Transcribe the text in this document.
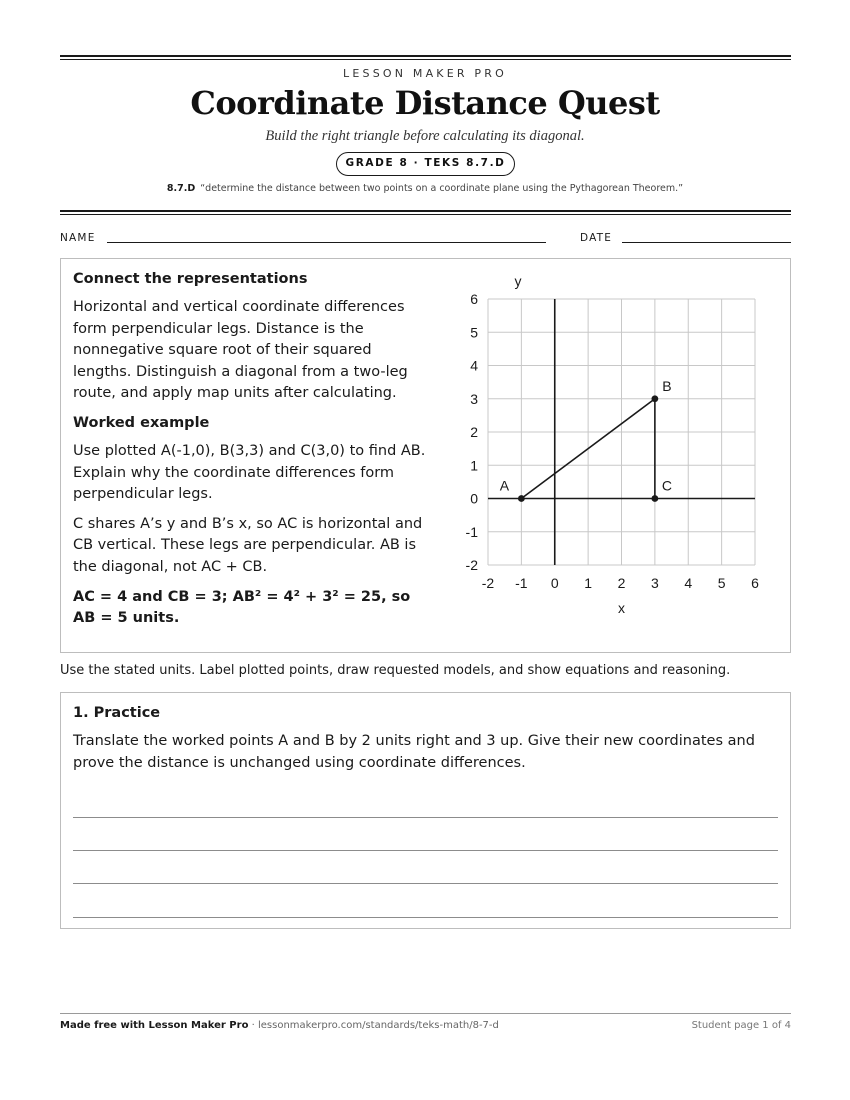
LESSON MAKER PRO
Coordinate Distance Quest
Build the right triangle before calculating its diagonal.
GRADE 8 · TEKS 8.7.D
8.7.D “determine the distance between two points on a coordinate plane using the Pythagorean Theorem.”
NAME	DATE
Connect the representations

Horizontal and vertical coordinate differences form perpendicular legs. Distance is the nonnegative square root of their squared lengths. Distinguish a diagonal from a two-leg route, and apply map units after calculating.

Worked example

Use plotted A(-1,0), B(3,3) and C(3,0) to find AB. Explain why the coordinate differences form perpendicular legs.

C shares A’s y and B’s x, so AC is horizontal and CB vertical. These legs are perpendicular. AB is the diagonal, not AC + CB.

AC = 4 and CB = 3; AB² = 4² + 3² = 25, so AB = 5 units.

-2 -1 0 1 2 3 4 5 6
-2
-1
0
1
2
3
4
5
6
x
y
A
B
C
Use the stated units. Label plotted points, draw requested models, and show equations and reasoning.
1. Practice
Translate the worked points A and B by 2 units right and 3 up. Give their new coordinates and prove the distance is unchanged using coordinate differences.
Made free with Lesson Maker Pro · lessonmakerpro.com/standards/teks-math/8-7-d	Student page 1 of 4
